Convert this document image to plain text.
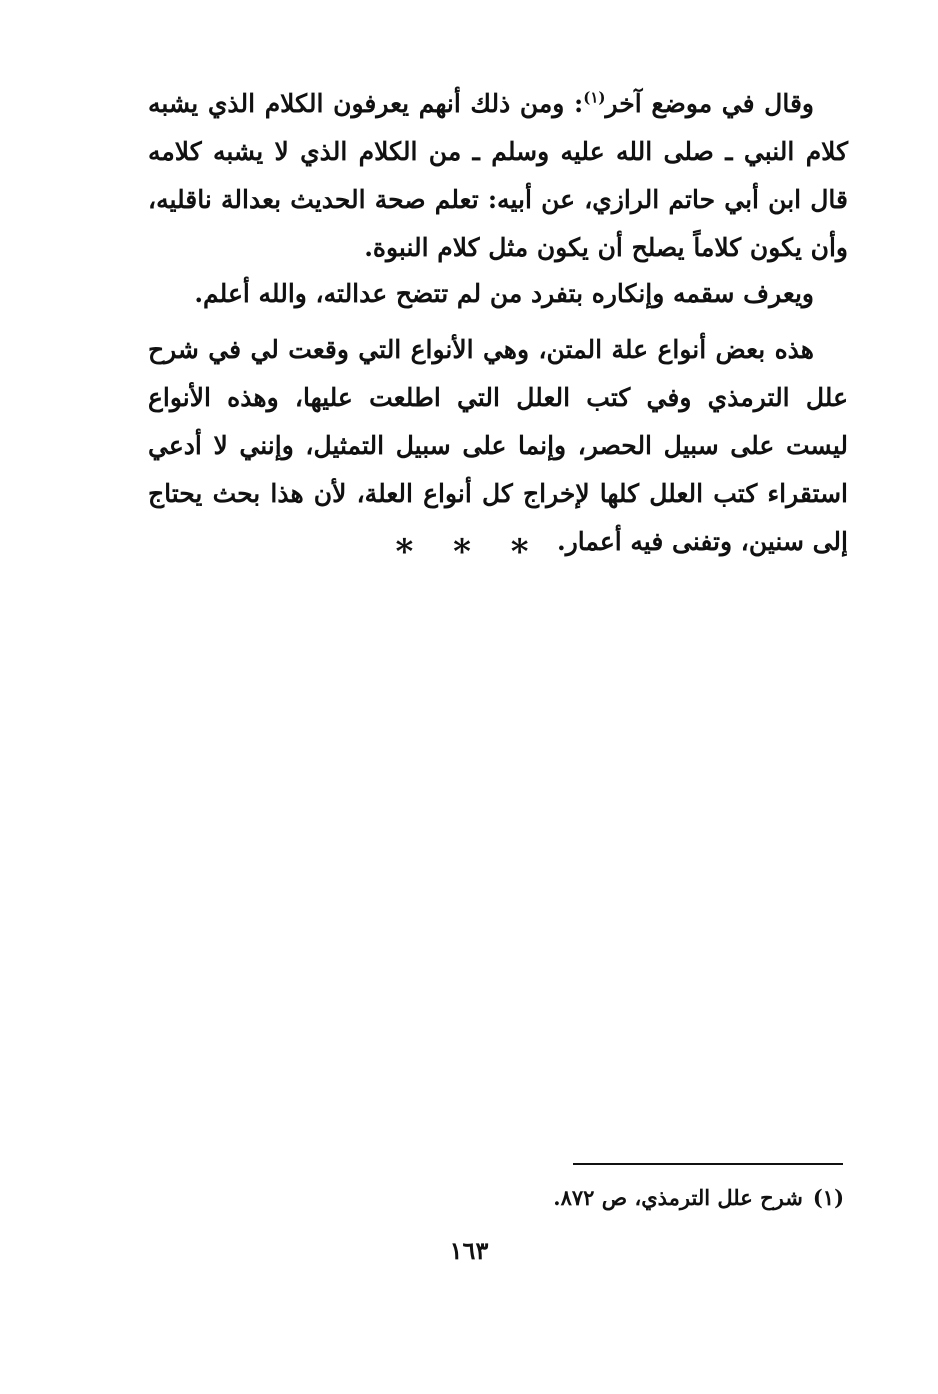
وقال في موضع آخر$^{(١)}$: ومن ذلك أنهم يعرفون الكلام الذي يشبه كلام النبي ـ صلى الله عليه وسلم ـ من الكلام الذي لا يشبه كلامه قال ابن أبي حاتم الرازي، عن أبيه: تعلم صحة الحديث بعدالة ناقليه، وأن يكون كلاماً يصلح أن يكون مثل كلام النبوة.

ويعرف سقمه وإنكاره بتفرد من لم تتضح عدالته، والله أعلم.

هذه بعض أنواع علة المتن، وهي الأنواع التي وقعت لي في شرح علل الترمذي وفي كتب العلل التي اطلعت عليها، وهذه الأنواع ليست على سبيل الحصر، وإنما على سبيل التمثيل، وإنني لا أدعي استقراء كتب العلل كلها لإخراج كل أنواع العلة، لأن هذا بحث يحتاج إلى سنين، وتفنى فيه أعمار.

* * *
(١)شرح علل الترمذي، ص ٨٧٢.
١٦٣
